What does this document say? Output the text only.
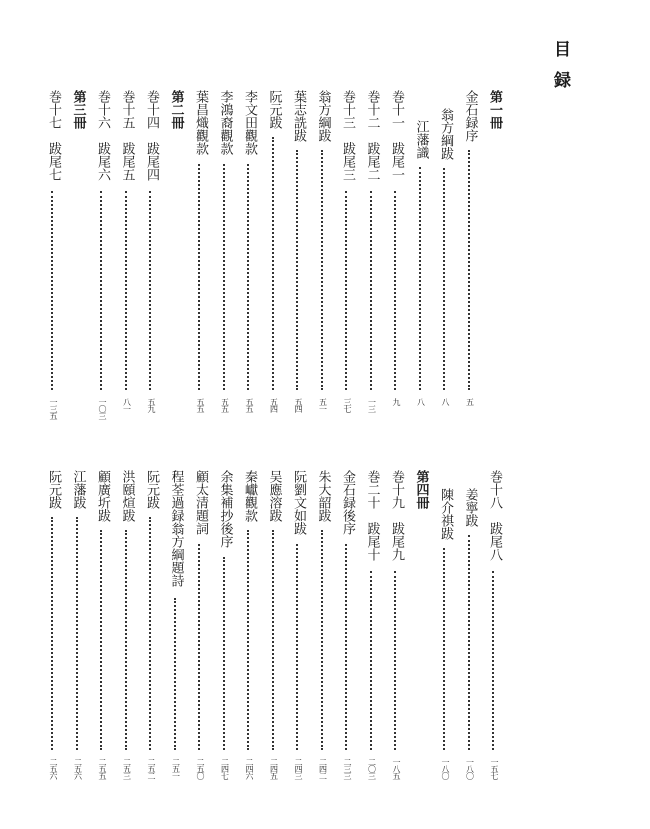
目録
第一冊
金石録序
五
翁方綱跋
八
江藩識
八
巻十一　跋尾一
九
巻十二　跋尾二
一三
巻十三　跋尾三
三七
翁方綱跋
五一
葉志詵跋
五四
阮元跋
五四
李文田觀款
五五
李鴻裔觀款
五五
葉昌熾觀款
五五
第二冊
巻十四　跋尾四
五九
巻十五　跋尾五
八一
巻十六　跋尾六
一〇三
第三冊
巻十七　跋尾七
一三五
巻十八　跋尾八
一五七
姜寧跋
一八〇
陳介祺跋
一八〇
第四冊
巻十九　跋尾九
一八五
巻二十　跋尾十
二〇三
金石録後序
二三三
朱大韶跋
二四二
阮劉文如跋
二四三
吴應溶跋
二四五
秦巘觀款
二四六
余集補抄後序
二四七
顧太清題詞
二五〇
程荃過録翁方綱題詩
二五一
阮元跋
二五二
洪頤煊跋
二五三
顧廣圻跋
二五五
江藩跋
二五六
阮元跋
二五六
